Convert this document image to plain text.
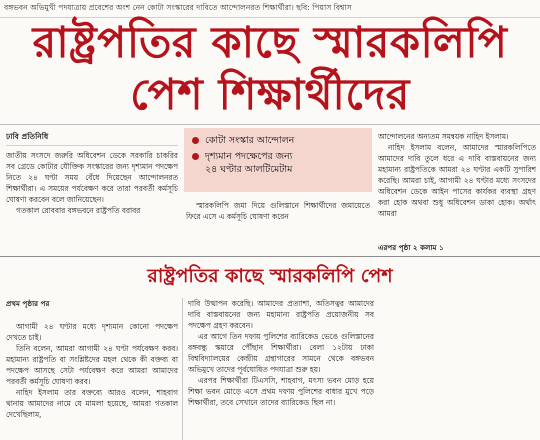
বঙ্গভবন অভিমুখী পদযাত্রায় প্রবেশের অংশ নেন কোটা সংস্কারের দাবিতে আন্দোলনরত শিক্ষার্থীরা। ছবি: পিয়াস বিশ্বাস
রাষ্ট্রপতির কাছে স্মারকলিপি
পেশ শিক্ষার্থীদের
ঢাবি প্রতিনিধি

জাতীয় সংসদে জরুরি অধিবেশন ডেকে সরকারি চাকরির সব গ্রেডে কোটার যৌক্তিক সংস্কারের জন্য দৃশ্যমান পদক্ষেপ নিতে ২৪ ঘণ্টা সময় বেঁধে দিয়েছেন আন্দোলনরত শিক্ষার্থীরা। এ সময়ের পর্যবেক্ষণ করে তারা পরবর্তী কর্মসূচি ঘোষণা করবেন বলে জানিয়েছেন।

গতকাল রোববার বঙ্গভবনে রাষ্ট্রপতি বরাবর

কোটা সংস্কার আন্দোলন
দৃশ্যমান পদক্ষেপের জন্য
২৪ ঘণ্টার আলটিমেটাম
স্মারকলিপি জমা দিয়ে গুলিস্তানে শিক্ষার্থীদের জমায়েতে ফিরে এসে এ কর্মসূচি ঘোষণা করেন

আন্দোলনের অন্যতম সমন্বয়ক নাহিদ ইসলাম।

নাহিদ ইসলাম বলেন, আমাদের স্মারকলিপিতে আমাদের দাবি তুলে ধরে এ দাবি বাস্তবায়নের জন্য মহামান্য রাষ্ট্রপতিকে আমরা ২৪ ঘণ্টার একটি সুপারিশ করেছি। আমরা চাই, আগামী ২৪ ঘণ্টার মধ্যে সংসদের অধিবেশন ডেকে আইন পাসের কার্যকর ব্যবস্থা গ্রহণ করা হোক অথবা শুধু অধিবেশন ডাকা হোক। অর্থাৎ আমরা

এরপর পৃষ্ঠা ২ কলাম ১
রাষ্ট্রপতির কাছে স্মারকলিপি পেশ
প্রথম পৃষ্ঠার পর

আগামী ২৪ ঘণ্টার মধ্যে দৃশ্যমান কোনো পদক্ষেপ দেখতে চাই।

তিনি বলেন, আমরা আগামী ২৪ ঘণ্টা পর্যবেক্ষণ করব। মহামান্য রাষ্ট্রপতি বা সংশ্লিষ্টদের মহল থেকে কী বক্তব্য বা পদক্ষেপ আসছে সেটা পর্যবেক্ষণ করে আমরা আমাদের পরবর্তী কর্মসূচি ঘোষণা করব।

নাহিদ ইসলাম তার বক্তব্যে আরও বলেন, শাহবাগ থানায় আমাদের নামে যে মামলা হয়েছে, আমরা গতকাল দেখেছিলাম,

দাবি উত্থাপন করেছি। আমাদের প্রত্যাশা, অতিসত্বর আমাদের দাবি বাস্তবায়নের জন্য মহামান্য রাষ্ট্রপতি প্রয়োজনীয় সব পদক্ষেপ গ্রহণ করবেন।

এর আগে তিন দফায় পুলিশের ব্যারিকেড ভেঙে গুলিস্তানের বঙ্গবন্ধু স্কয়ারে পৌঁছান শিক্ষার্থীরা। বেলা ১২টায় ঢাকা বিশ্ববিদ্যালয়ের কেন্দ্রীয় গ্রন্থাগারের সামনে থেকে বঙ্গভবন অভিমুখে তাদের পূর্বঘোষিত পদযাত্রা শুরু হয়।

এরপর শিক্ষার্থীরা টিএসসি, শাহবাগ, মৎস্য ভবন মোড় হয়ে শিক্ষা ভবন মোড়ে এসে প্রথম দফায় পুলিশের বাধার মুখে পড়ে শিক্ষার্থীরা, তবে সেখানে তাদের ব্যারিকেড ছিল না।
